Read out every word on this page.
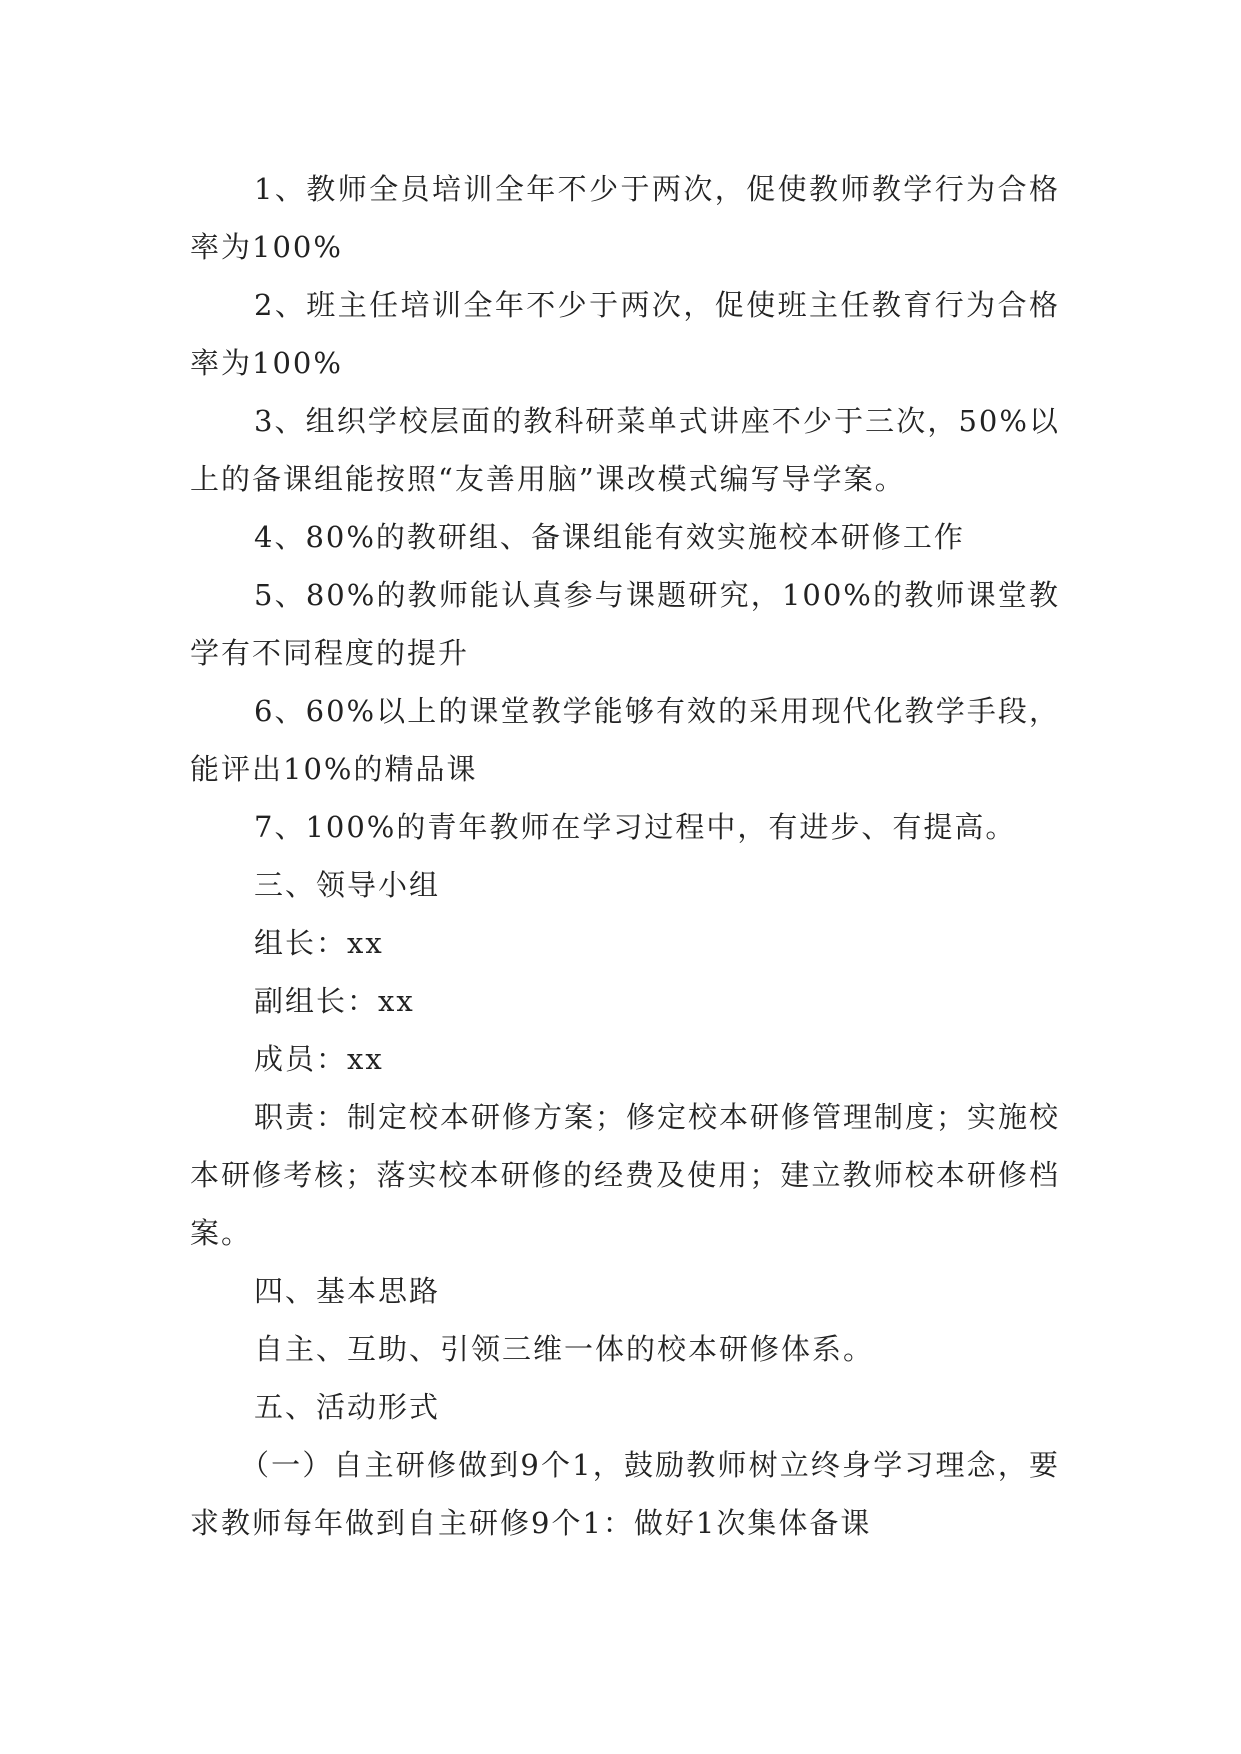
1、教师全员培训全年不少于两次，促使教师教学行为合格率为100%

2、班主任培训全年不少于两次，促使班主任教育行为合格率为100%

3、组织学校层面的教科研菜单式讲座不少于三次，50%以上的备课组能按照“友善用脑”课改模式编写导学案。

4、80%的教研组、备课组能有效实施校本研修工作

5、80%的教师能认真参与课题研究，100%的教师课堂教学有不同程度的提升

6、60%以上的课堂教学能够有效的采用现代化教学手段，能评出10%的精品课

7、100%的青年教师在学习过程中，有进步、有提高。

三、领导小组

组长：xx

副组长：xx

成员：xx

职责：制定校本研修方案；修定校本研修管理制度；实施校本研修考核；落实校本研修的经费及使用；建立教师校本研修档案。

四、基本思路

自主、互助、引领三维一体的校本研修体系。

五、活动形式

（一）自主研修做到9个1，鼓励教师树立终身学习理念，要求教师每年做到自主研修9个1：做好1次集体备课
